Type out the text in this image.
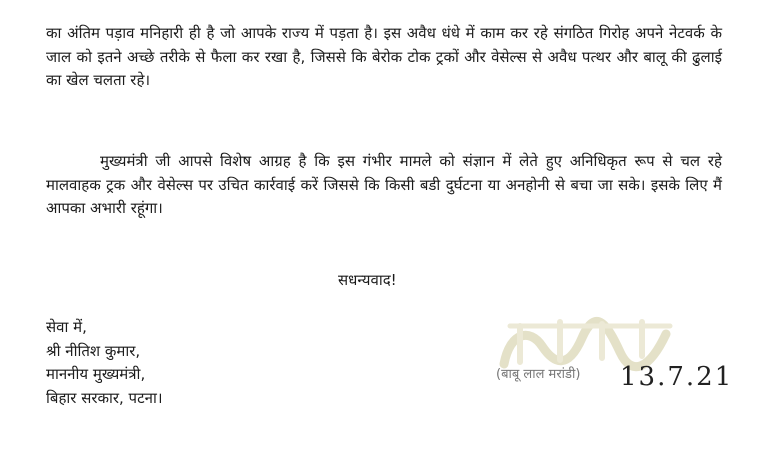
का अंतिम पड़ाव मनिहारी ही है जो आपके राज्य में पड़ता है। इस अवैध धंधे में काम कर रहे संगठित गिरोह अपने नेटवर्क के जाल को इतने अच्छे तरीके से फैला कर रखा है, जिससे कि बेरोक टोक ट्रकों और वेसेल्स से अवैध पत्थर और बालू की ढुलाई का खेल चलता रहे।

मुख्यमंत्री जी आपसे विशेष आग्रह है कि इस गंभीर मामले को संज्ञान में लेते हुए अनिधिकृत रूप से चल रहे मालवाहक ट्रक और वेसेल्स पर उचित कार्रवाई करें जिससे कि किसी बडी दुर्घटना या अनहोनी से बचा जा सके। इसके लिए मैं आपका अभारी रहूंगा।

सधन्यवाद!
सेवा में,
श्री नीतिश कुमार,
माननीय मुख्यमंत्री,
बिहार सरकार, पटना।
(बाबू लाल मरांडी) 13.7.21
